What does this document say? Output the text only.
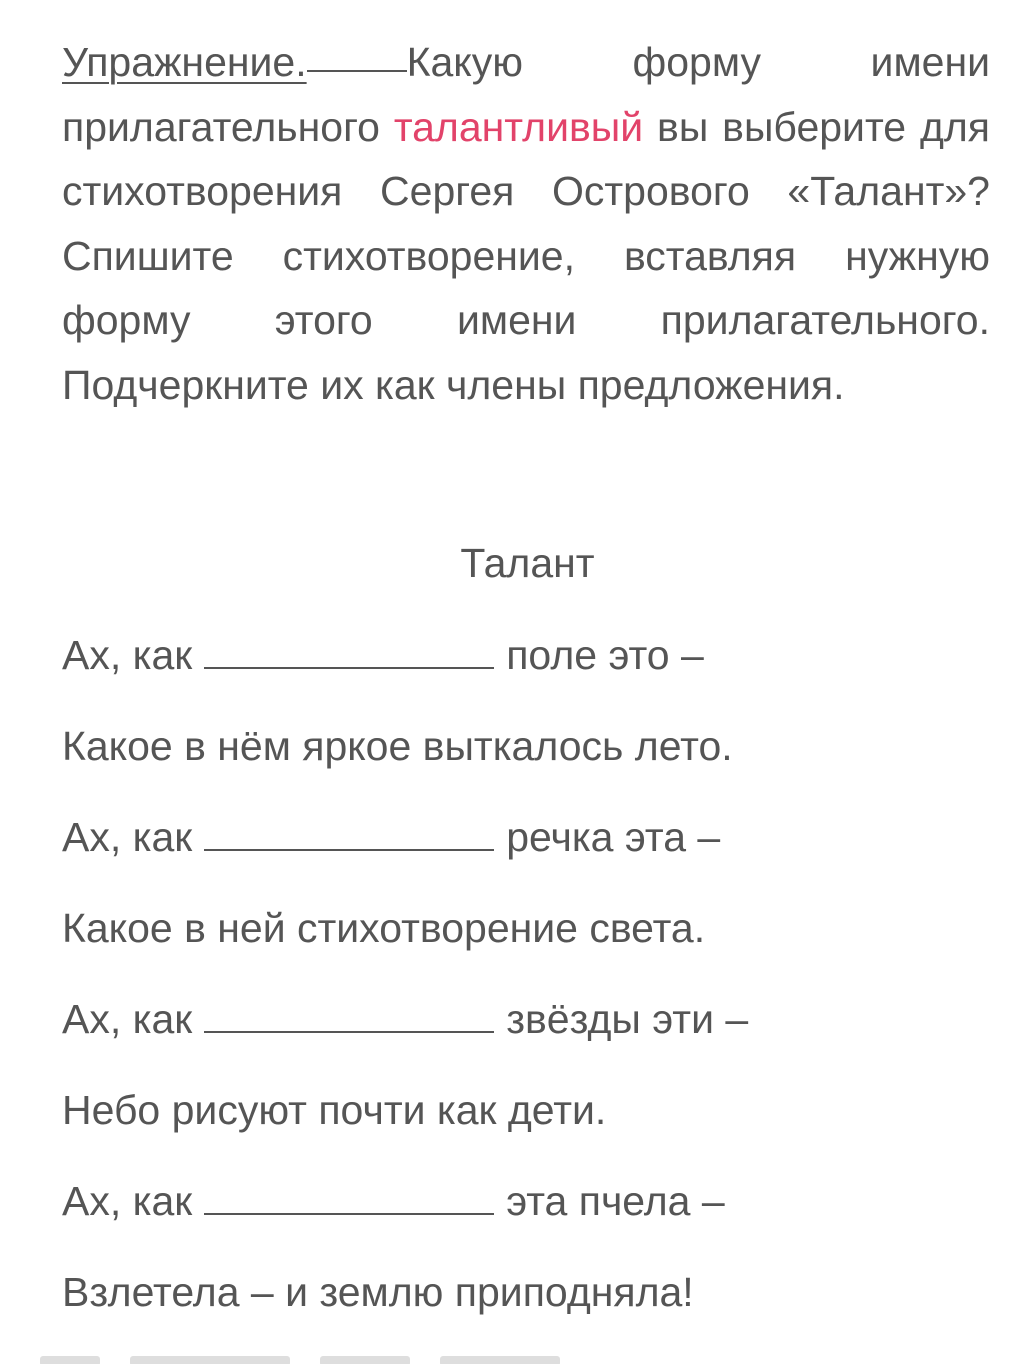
Упражнение. Какую форму имени прилагательного талантливый вы выберите для стихотворения Сергея Острового «Талант»? Спишите стихотворение, вставляя нужную форму этого имени прилагательного. Подчеркните их как члены предложения.

Талант
Ах, как	поле это –
Какое в нём яркое выткалось лето.
Ах, как	речка эта –
Какое в ней стихотворение света.
Ах, как	звёзды эти –
Небо рисуют почти как дети.
Ах, как	эта пчела –
Взлетела – и землю приподняла!
